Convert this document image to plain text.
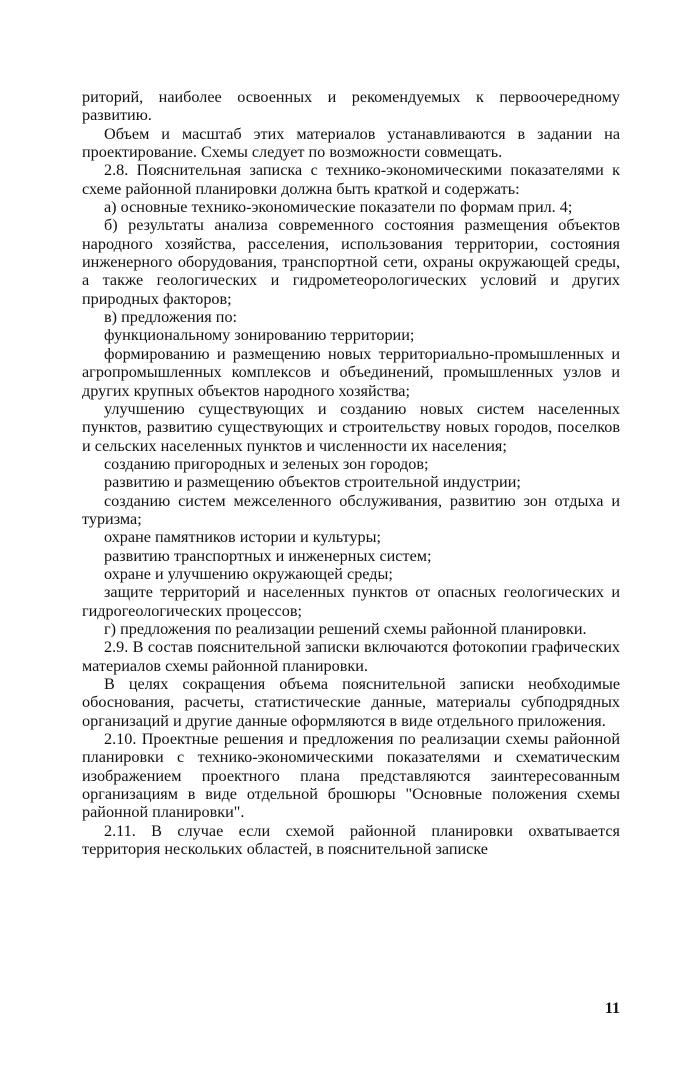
риторий, наиболее освоенных и рекомендуемых к первоочередному развитию.

Объем и масштаб этих материалов устанавливаются в задании на проектирование. Схемы следует по возможности совмещать.

2.8. Пояснительная записка с технико-экономическими показателями к схеме районной планировки должна быть краткой и содержать:

а) основные технико-экономические показатели по формам прил. 4;

б) результаты анализа современного состояния размещения объектов народного хозяйства, расселения, использования территории, состояния инженерного оборудования, транспортной сети, охраны окружающей среды, а также геологических и гидрометеорологических условий и других природных факторов;

в) предложения по:

функциональному зонированию территории;

формированию и размещению новых территориально-промышленных и агропромышленных комплексов и объединений, промышленных узлов и других крупных объектов народного хозяйства;

улучшению существующих и созданию новых систем населенных пунктов, развитию существующих и строительству новых городов, поселков и сельских населенных пунктов и численности их населения;

созданию пригородных и зеленых зон городов;

развитию и размещению объектов строительной индустрии;

созданию систем межселенного обслуживания, развитию зон отдыха и туризма;

охране памятников истории и культуры;

развитию транспортных и инженерных систем;

охране и улучшению окружающей среды;

защите территорий и населенных пунктов от опасных геологических и гидрогеологических процессов;

г) предложения по реализации решений схемы районной планировки.

2.9. В состав пояснительной записки включаются фотокопии графических материалов схемы районной планировки.

В целях сокращения объема пояснительной записки необходимые обоснования, расчеты, статистические данные, материалы субподрядных организаций и другие данные оформляются в виде отдельного приложения.

2.10. Проектные решения и предложения по реализации схемы районной планировки с технико-экономическими показателями и схематическим изображением проектного плана представляются заинтересованным организациям в виде отдельной брошюры "Основные положения схемы районной планировки".

2.11. В случае если схемой районной планировки охватывается территория нескольких областей, в пояснительной записке

11
